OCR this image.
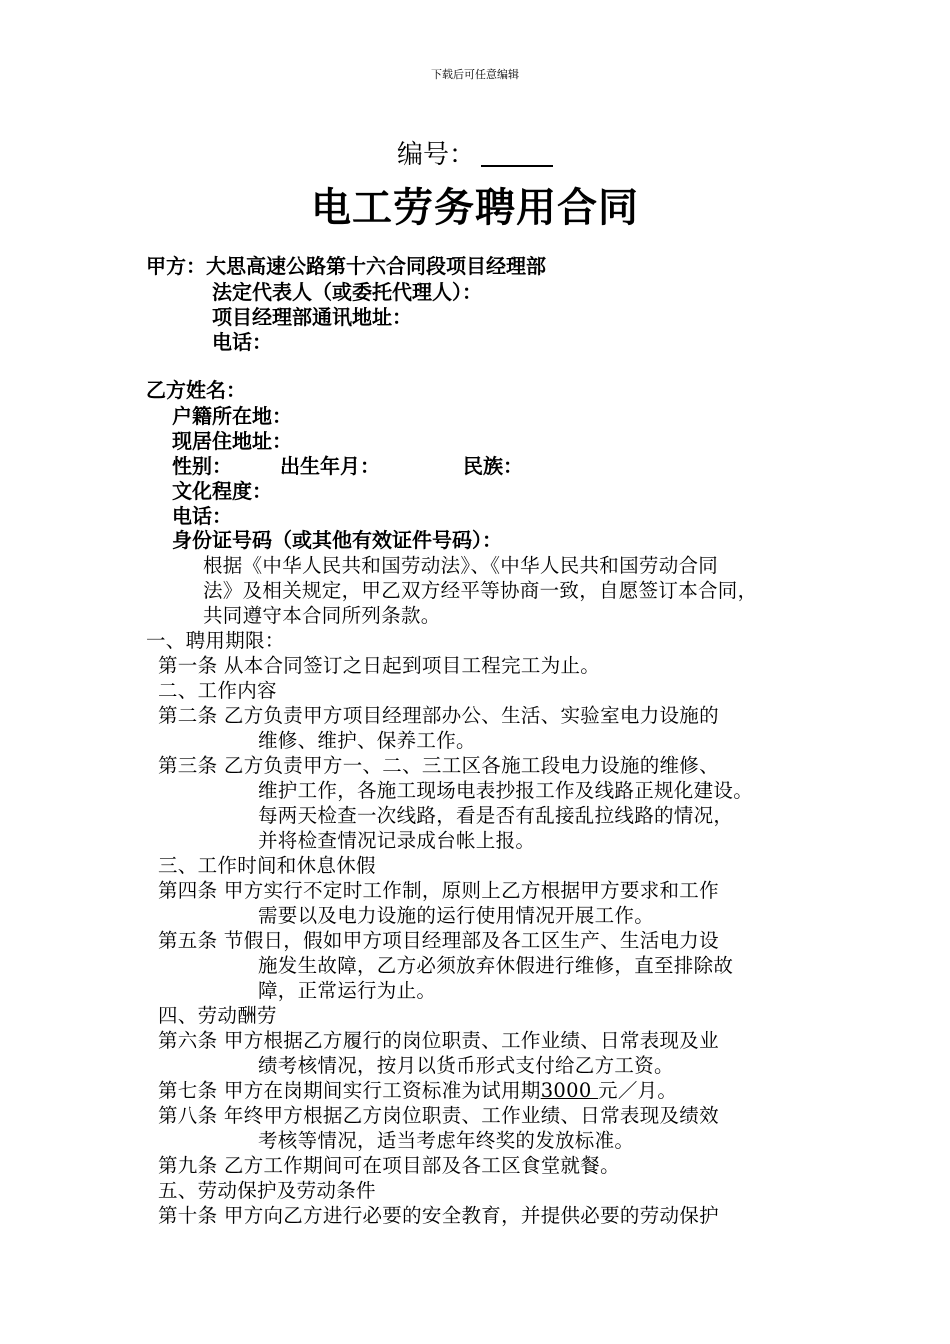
下载后可任意编辑
编号：
电工劳务聘用合同
甲方：大思高速公路第十六合同段项目经理部
法定代表人（或委托代理人）：
项目经理部通讯地址：
电话：
乙方姓名：
户籍所在地：
现居住地址：
性别： 出生年月：	民族：
文化程度：
电话：
身份证号码（或其他有效证件号码）：
根据《中华人民共和国劳动法》、《中华人民共和国劳动合同
法》及相关规定，甲乙双方经平等协商一致，自愿签订本合同，
共同遵守本合同所列条款。
一、聘用期限：
第一条 从本合同签订之日起到项目工程完工为止。
二、工作内容
第二条 乙方负责甲方项目经理部办公、生活、实验室电力设施的
维修、维护、保养工作。
第三条 乙方负责甲方一、二、三工区各施工段电力设施的维修、
维护工作，各施工现场电表抄报工作及线路正规化建设。
每两天检查一次线路，看是否有乱接乱拉线路的情况，
并将检查情况记录成台帐上报。
三、工作时间和休息休假
第四条 甲方实行不定时工作制，原则上乙方根据甲方要求和工作
需要以及电力设施的运行使用情况开展工作。
第五条 节假日，假如甲方项目经理部及各工区生产、生活电力设
施发生故障，乙方必须放弃休假进行维修，直至排除故
障，正常运行为止。
四、劳动酬劳
第六条 甲方根据乙方履行的岗位职责、工作业绩、日常表现及业
绩考核情况，按月以货币形式支付给乙方工资。
第七条 甲方在岗期间实行工资标准为试用期3000 元／月。
第八条 年终甲方根据乙方岗位职责、工作业绩、日常表现及绩效
考核等情况，适当考虑年终奖的发放标准。
第九条 乙方工作期间可在项目部及各工区食堂就餐。
五、劳动保护及劳动条件
第十条 甲方向乙方进行必要的安全教育，并提供必要的劳动保护
